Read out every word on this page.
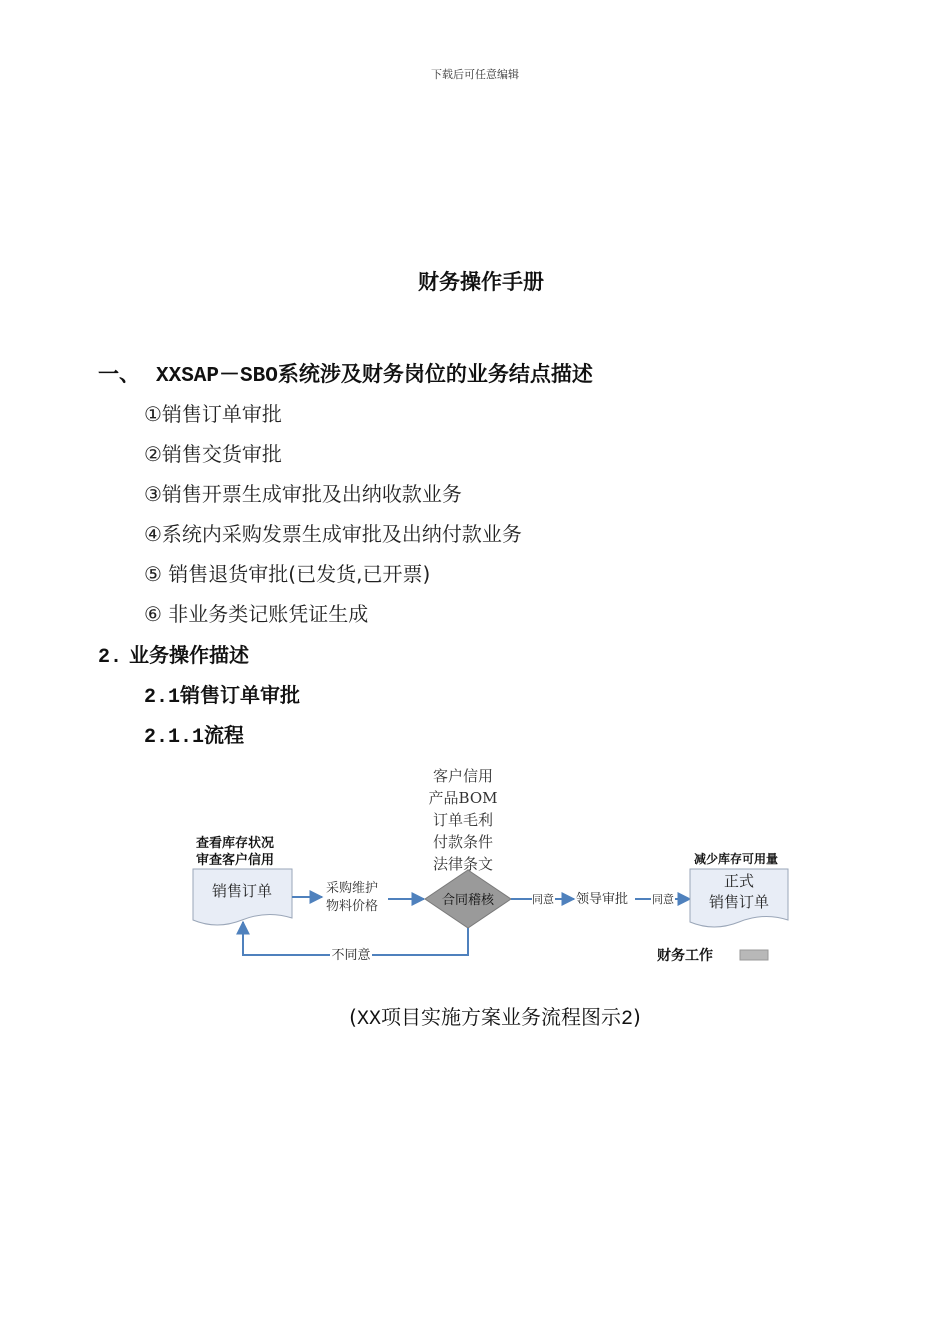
下载后可任意编辑
财务操作手册
一、 XXSAP－SBO系统涉及财务岗位的业务结点描述
①销售订单审批
②销售交货审批
③销售开票生成审批及出纳收款业务
④系统内采购发票生成审批及出纳付款业务
⑤ 销售退货审批(已发货,已开票)
⑥ 非业务类记账凭证生成
2. 业务操作描述
2.1销售订单审批
2.1.1流程
客户信用
产品BOM
订单毛利
付款条件
法律条文
查看库存状况
审查客户信用
销售订单	采购维护
物料价格	合同稽核	同意 领导审批 同意
减少库存可用量
正式
销售订单
不同意	财务工作
(XX项目实施方案业务流程图示2)
